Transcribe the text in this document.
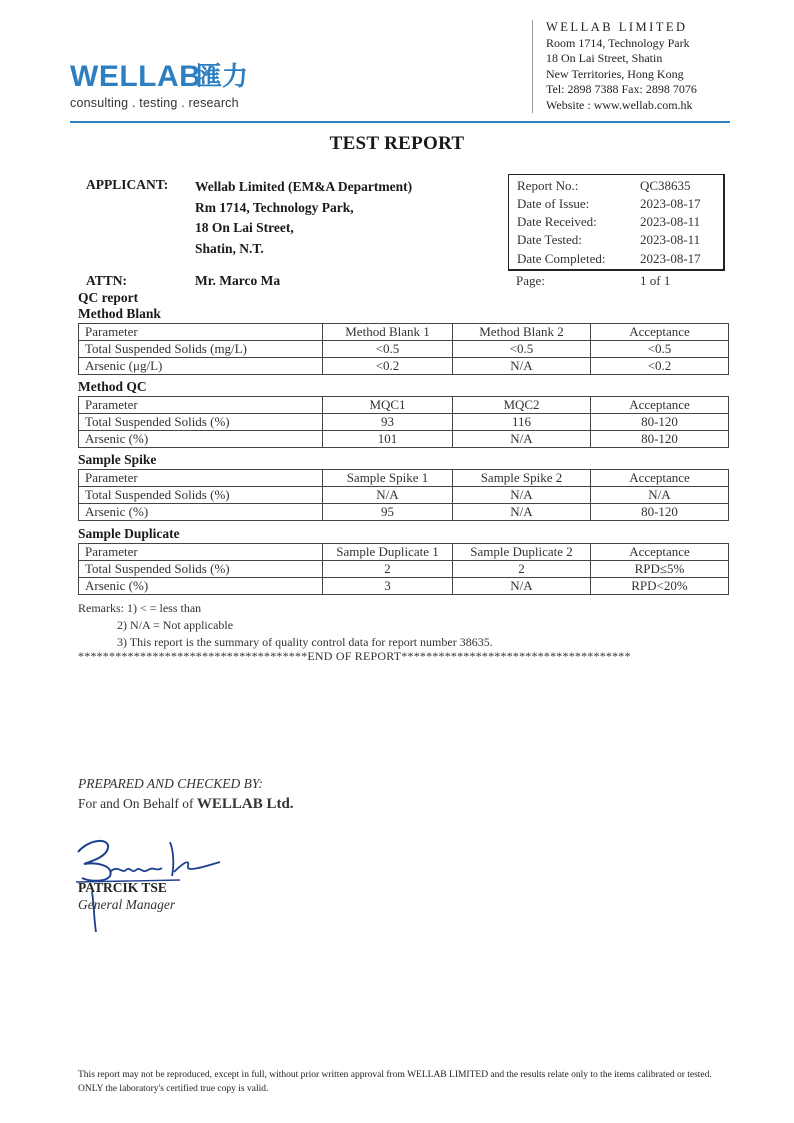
WELLAB
匯力
consulting . testing . research
WELLAB LIMITED
Room 1714, Technology Park
18 On Lai Street, Shatin
New Territories, Hong Kong
Tel: 2898 7388 Fax: 2898 7076
Website : www.wellab.com.hk
TEST REPORT
APPLICANT: Wellab Limited (EM&A Department)
Rm 1714, Technology Park,
18 On Lai Street,
Shatin, N.T.
ATTN:	Mr. Marco Ma
Report No.:	QC38635
Date of Issue:	2023-08-17
Date Received:	2023-08-11
Date Tested:	2023-08-11
Date Completed:	2023-08-17
Page:	1 of 1
QC report
Method Blank
Parameter	Method Blank 1	Method Blank 2	Acceptance
Total Suspended Solids (mg/L)	<0.5	<0.5	<0.5
Arsenic (μg/L)	<0.2	N/A	<0.2
Method QC
Parameter	MQC1	MQC2	Acceptance
Total Suspended Solids (%)	93	116	80-120
Arsenic (%)	101	N/A	80-120
Sample Spike
Parameter	Sample Spike 1	Sample Spike 2	Acceptance
Total Suspended Solids (%)	N/A	N/A	N/A
Arsenic (%)	95	N/A	80-120
Sample Duplicate
Parameter	Sample Duplicate 1	Sample Duplicate 2	Acceptance
Total Suspended Solids (%)	2	2	RPD≤5%
Arsenic (%)	3	N/A	RPD<20%
Remarks: 1) < = less than
2) N/A = Not applicable
3) This report is the summary of quality control data for report number 38635.
*************************************END OF REPORT*************************************
PREPARED AND CHECKED BY:
For and On Behalf of WELLAB Ltd.
PATRCIK TSE
General Manager
This report may not be reproduced, except in full, without prior written approval from WELLAB LIMITED and the results relate only to the items calibrated or tested. ONLY the laboratory's certified true copy is valid.
